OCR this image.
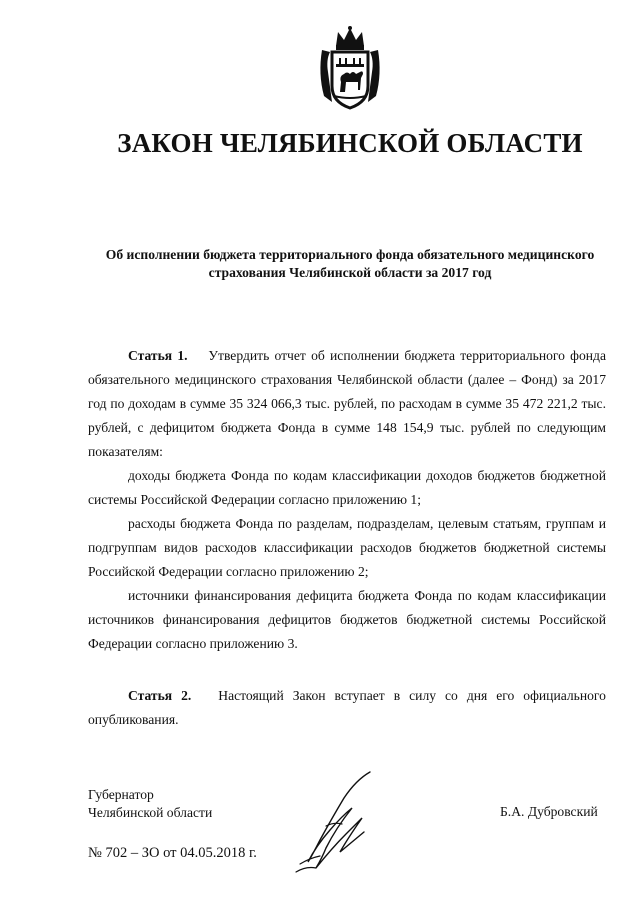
ЗАКОН ЧЕЛЯБИНСКОЙ ОБЛАСТИ
Об исполнении бюджета территориального фонда обязательного медицинского
страхования Челябинской области за 2017 год

Статья 1. Утвердить отчет об исполнении бюджета территориального фонда обязательного медицинского страхования Челябинской области (далее – Фонд) за 2017 год по доходам в сумме 35 324 066,3 тыс. рублей, по расходам в сумме 35 472 221,2 тыс. рублей, с дефицитом бюджета Фонда в сумме 148 154,9 тыс. рублей по следующим показателям:

доходы бюджета Фонда по кодам классификации доходов бюджетов бюджетной системы Российской Федерации согласно приложению 1;

расходы бюджета Фонда по разделам, подразделам, целевым статьям, группам и подгруппам видов расходов классификации расходов бюджетов бюджетной системы Российской Федерации согласно приложению 2;

источники финансирования дефицита бюджета Фонда по кодам классификации источников финансирования дефицитов бюджетов бюджетной системы Российской Федерации согласно приложению 3.

Статья 2. Настоящий Закон вступает в силу со дня его официального опубликования.

Губернатор
Челябинской области	Б.А. Дубровский
№ 702 – ЗО от 04.05.2018 г.
